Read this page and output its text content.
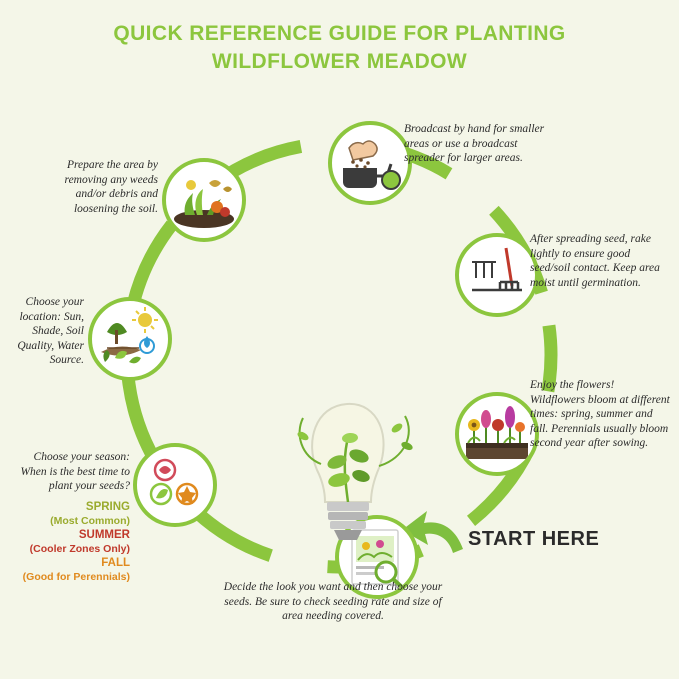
QUICK REFERENCE GUIDE FOR PLANTING
WILDFLOWER MEADOW
Prepare the area by removing any weeds and/or debris and loosening the soil.
Broadcast by hand for smaller areas or use a broadcast spreader for larger areas.
After spreading seed, rake lightly to ensure good seed/soil contact. Keep area moist until germination.
Enjoy the flowers! Wildflowers bloom at different times: spring, summer and fall. Perennials usually bloom second year after sowing.
Decide the look you want and then choose your seeds. Be sure to check seeding rate and size of area needing covered.
Choose your season: When is the best time to plant your seeds?
SPRING
(Most Common)
SUMMER
(Cooler Zones Only)
FALL
(Good for Perennials)
Choose your location: Sun, Shade, Soil Quality, Water Source.
START HERE
